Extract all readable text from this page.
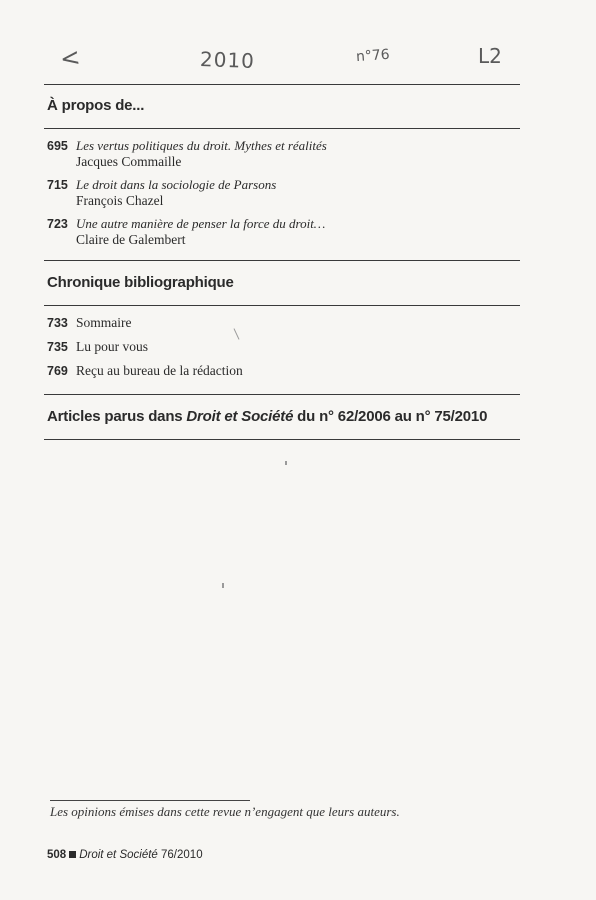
<	2010	n°76	L2
À propos de...
695 Les vertus politiques du droit. Mythes et réalités
Jacques Commaille
715 Le droit dans la sociologie de Parsons
François Chazel
723 Une autre manière de penser la force du droit…
Claire de Galembert
Chronique bibliographique
733 Sommaire
735 Lu pour vous
769 Reçu au bureau de la rédaction
Articles parus dans Droit et Société du n° 62/2006 au n° 75/2010
Les opinions émises dans cette revue n’engagent que leurs auteurs.
508 Droit et Société 76/2010
